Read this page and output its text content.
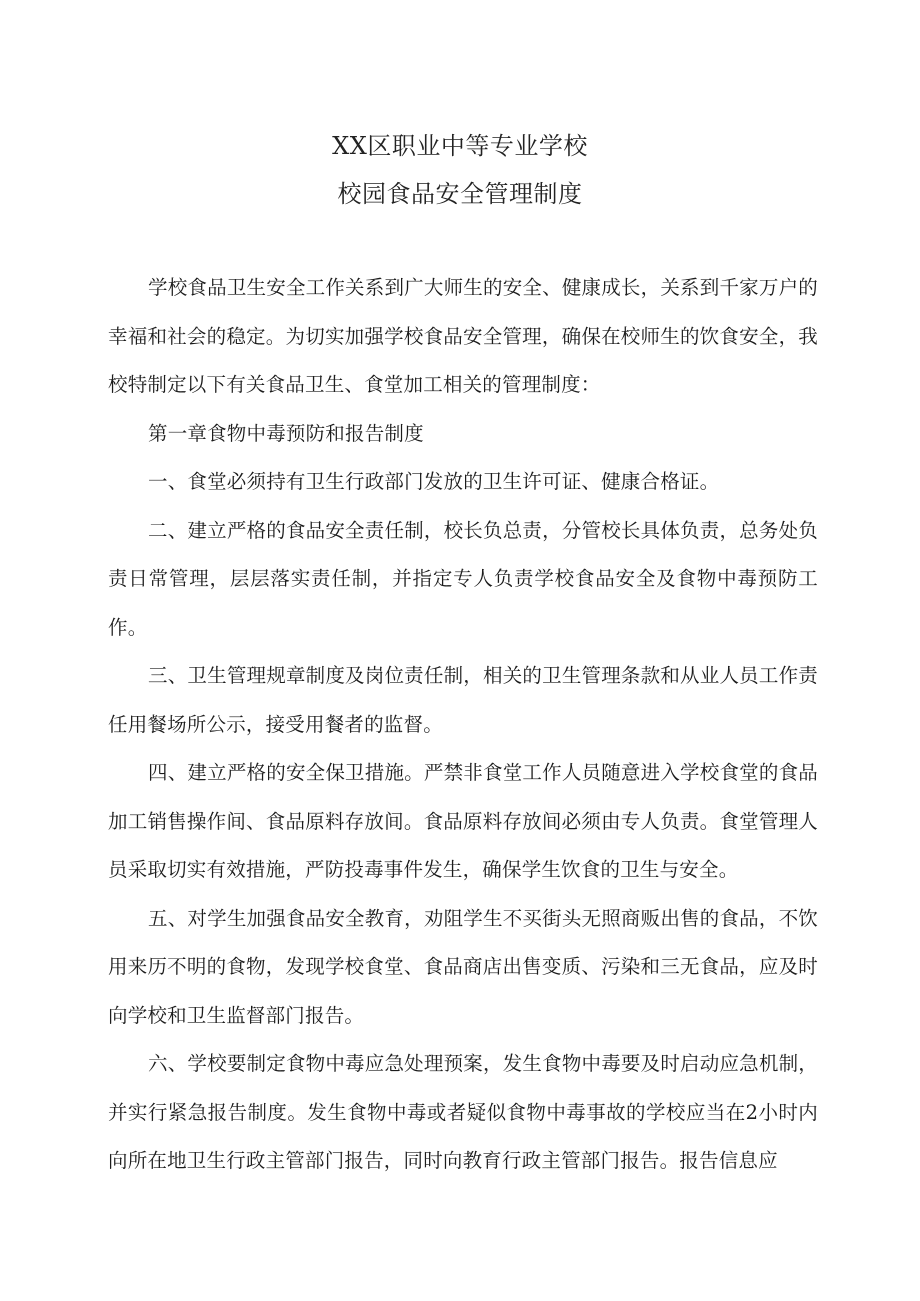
XX区职业中等专业学校
校园食品安全管理制度

学校食品卫生安全工作关系到广大师生的安全、健康成长，关系到千家万户的幸福和社会的稳定。为切实加强学校食品安全管理，确保在校师生的饮食安全，我校特制定以下有关食品卫生、食堂加工相关的管理制度：

第一章食物中毒预防和报告制度

一、食堂必须持有卫生行政部门发放的卫生许可证、健康合格证。

二、建立严格的食品安全责任制，校长负总责，分管校长具体负责，总务处负责日常管理，层层落实责任制，并指定专人负责学校食品安全及食物中毒预防工作。

三、卫生管理规章制度及岗位责任制，相关的卫生管理条款和从业人员工作责任用餐场所公示，接受用餐者的监督。

四、建立严格的安全保卫措施。严禁非食堂工作人员随意进入学校食堂的食品加工销售操作间、食品原料存放间。食品原料存放间必须由专人负责。食堂管理人员采取切实有效措施，严防投毒事件发生，确保学生饮食的卫生与安全。

五、对学生加强食品安全教育，劝阻学生不买街头无照商贩出售的食品，不饮用来历不明的食物，发现学校食堂、食品商店出售变质、污染和三无食品，应及时向学校和卫生监督部门报告。

六、学校要制定食物中毒应急处理预案，发生食物中毒要及时启动应急机制，并实行紧急报告制度。发生食物中毒或者疑似食物中毒事故的学校应当在2小时内向所在地卫生行政主管部门报告，同时向教育行政主管部门报告。报告信息应
